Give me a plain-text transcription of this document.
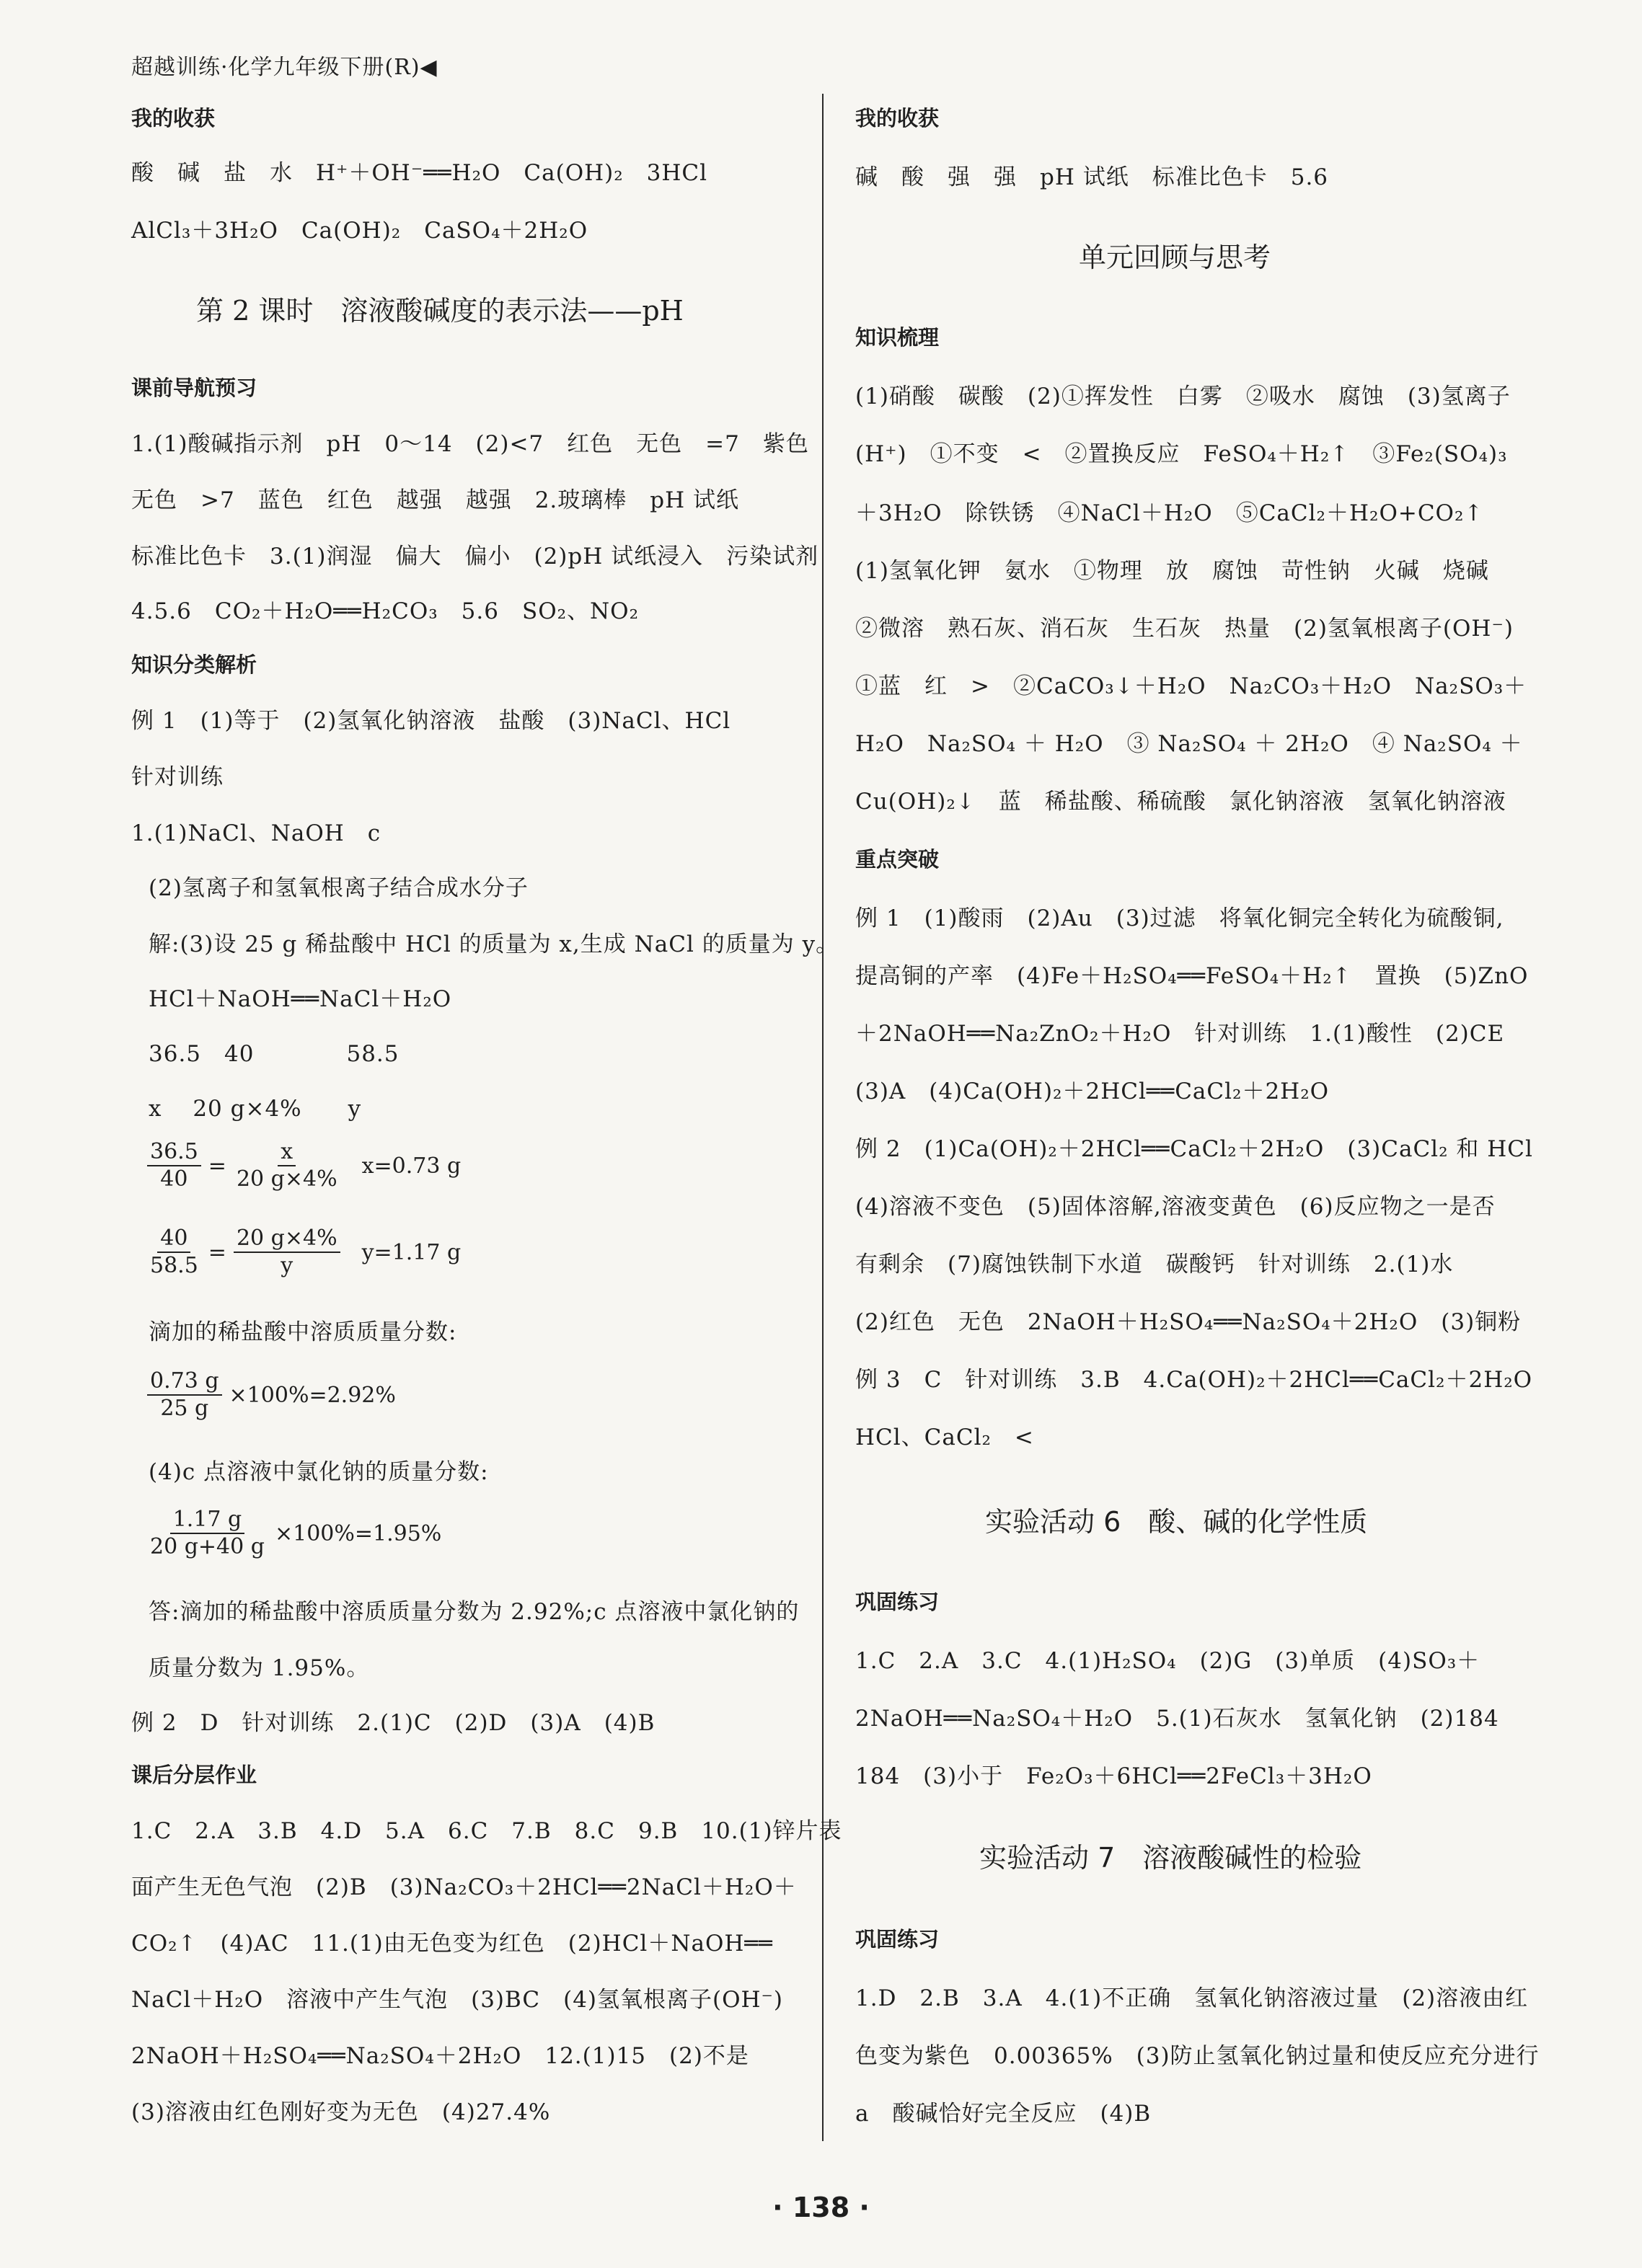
超越训练·化学九年级下册(R)◀
我的收获
酸　碱　盐　水　H⁺＋OH⁻══H₂O　Ca(OH)₂　3HCl
AlCl₃＋3H₂O　Ca(OH)₂　CaSO₄＋2H₂O
第 2 课时　溶液酸碱度的表示法——pH
课前导航预习
1.(1)酸碱指示剂　pH　0～14　(2)<7　红色　无色　=7　紫色
无色　>7　蓝色　红色　越强　越强　2.玻璃棒　pH 试纸
标准比色卡　3.(1)润湿　偏大　偏小　(2)pH 试纸浸入　污染试剂
4.5.6　CO₂＋H₂O══H₂CO₃　5.6　SO₂、NO₂
知识分类解析
例 1　(1)等于　(2)氢氧化钠溶液　盐酸　(3)NaCl、HCl
针对训练
1.(1)NaCl、NaOH　c
(2)氢离子和氢氧根离子结合成水分子
解:(3)设 25 g 稀盐酸中 HCl 的质量为 x,生成 NaCl 的质量为 y。
HCl＋NaOH══NaCl＋H₂O
36.5　40　　　　58.5
x　 20 g×4%　　y
$\frac{36.5}{40} = \frac{x}{20 g\times 4\%} x=0.73$ g
$\frac{40}{58.5} = \frac{20 g\times 4\%}{y} y=1.17$ g
滴加的稀盐酸中溶质质量分数:
$\frac{0.73 g}{25 g} \times 100\%=2.92\%$
(4)c 点溶液中氯化钠的质量分数:
$\frac{1.17 g}{20 g+40 g} \times 100\%=1.95\%$
答:滴加的稀盐酸中溶质质量分数为 2.92%;c 点溶液中氯化钠的
质量分数为 1.95%。
例 2　D　针对训练　2.(1)C　(2)D　(3)A　(4)B
课后分层作业
1.C　2.A　3.B　4.D　5.A　6.C　7.B　8.C　9.B　10.(1)锌片表
面产生无色气泡　(2)B　(3)Na₂CO₃＋2HCl══2NaCl＋H₂O＋
CO₂↑　(4)AC　11.(1)由无色变为红色　(2)HCl＋NaOH══
NaCl＋H₂O　溶液中产生气泡　(3)BC　(4)氢氧根离子(OH⁻)
2NaOH＋H₂SO₄══Na₂SO₄＋2H₂O　12.(1)15　(2)不是
(3)溶液由红色刚好变为无色　(4)27.4%
我的收获
碱　酸　强　强　pH 试纸　标准比色卡　5.6
单元回顾与思考
知识梳理
(1)硝酸　碳酸　(2)①挥发性　白雾　②吸水　腐蚀　(3)氢离子
(H⁺)　①不变　<　②置换反应　FeSO₄＋H₂↑　③Fe₂(SO₄)₃
＋3H₂O　除铁锈　④NaCl＋H₂O　⑤CaCl₂＋H₂O+CO₂↑
(1)氢氧化钾　氨水　①物理　放　腐蚀　苛性钠　火碱　烧碱
②微溶　熟石灰、消石灰　生石灰　热量　(2)氢氧根离子(OH⁻)
①蓝　红　>　②CaCO₃↓＋H₂O　Na₂CO₃＋H₂O　Na₂SO₃＋
H₂O　Na₂SO₄ ＋ H₂O　③ Na₂SO₄ ＋ 2H₂O　④ Na₂SO₄ ＋
Cu(OH)₂↓　蓝　稀盐酸、稀硫酸　氯化钠溶液　氢氧化钠溶液
重点突破
例 1　(1)酸雨　(2)Au　(3)过滤　将氧化铜完全转化为硫酸铜,
提高铜的产率　(4)Fe＋H₂SO₄══FeSO₄＋H₂↑　置换　(5)ZnO
＋2NaOH══Na₂ZnO₂＋H₂O　针对训练　1.(1)酸性　(2)CE
(3)A　(4)Ca(OH)₂＋2HCl══CaCl₂＋2H₂O
例 2　(1)Ca(OH)₂＋2HCl══CaCl₂＋2H₂O　(3)CaCl₂ 和 HCl
(4)溶液不变色　(5)固体溶解,溶液变黄色　(6)反应物之一是否
有剩余　(7)腐蚀铁制下水道　碳酸钙　针对训练　2.(1)水
(2)红色　无色　2NaOH＋H₂SO₄══Na₂SO₄＋2H₂O　(3)铜粉
例 3　C　针对训练　3.B　4.Ca(OH)₂＋2HCl══CaCl₂＋2H₂O
HCl、CaCl₂　<
实验活动 6　酸、碱的化学性质
巩固练习
1.C　2.A　3.C　4.(1)H₂SO₄　(2)G　(3)单质　(4)SO₃＋
2NaOH══Na₂SO₄＋H₂O　5.(1)石灰水　氢氧化钠　(2)184
184　(3)小于　Fe₂O₃＋6HCl══2FeCl₃＋3H₂O
实验活动 7　溶液酸碱性的检验
巩固练习
1.D　2.B　3.A　4.(1)不正确　氢氧化钠溶液过量　(2)溶液由红
色变为紫色　0.00365%　(3)防止氢氧化钠过量和使反应充分进行
a　酸碱恰好完全反应　(4)B
· 138 ·
